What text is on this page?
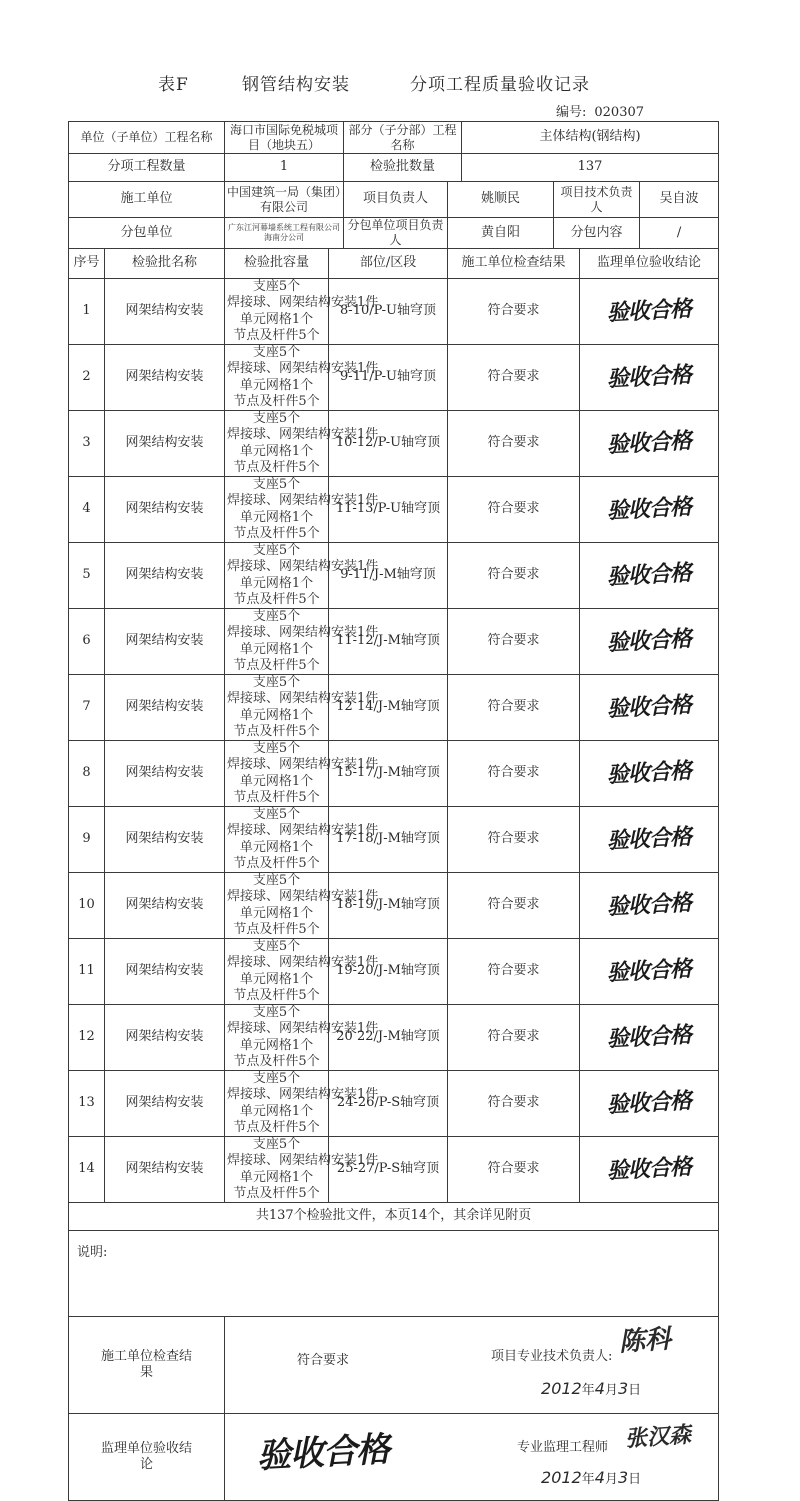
表F	钢管结构安装	分项工程质量验收记录
编号: 020307
单位（子单位）工程名称		海口市国际免税城项目（地块五）		部分（子分部）工程名称		主体结构(钢结构)			
分项工程数量		1		检验批数量		137			
施工单位		中国建筑一局（集团）有限公司		项目负责人	姚顺民		项目技术负责人		吴自波
分包单位		广东江河幕墙系统工程有限公司 海南分公司		分包单位项目负责人	黄自阳		分包内容		/
序号	检验批名称	检验批容量	部位/区段		施工单位检查结果			监理单位验收结论	
1	网架结构安装	支座5个
焊接球、网架结构安装1件
单元网格1个
节点及杆件5个	8-10/P-U轴穹顶		符合要求			验收合格	
2	网架结构安装	支座5个
焊接球、网架结构安装1件
单元网格1个
节点及杆件5个	9-11/P-U轴穹顶		符合要求			验收合格	
3	网架结构安装	支座5个
焊接球、网架结构安装1件
单元网格1个
节点及杆件5个	10-12/P-U轴穹顶		符合要求			验收合格	
4	网架结构安装	支座5个
焊接球、网架结构安装1件
单元网格1个
节点及杆件5个	11-13/P-U轴穹顶		符合要求			验收合格	
5	网架结构安装	支座5个
焊接球、网架结构安装1件
单元网格1个
节点及杆件5个	9-11/J-M轴穹顶		符合要求			验收合格	
6	网架结构安装	支座5个
焊接球、网架结构安装1件
单元网格1个
节点及杆件5个	11-12/J-M轴穹顶		符合要求			验收合格	
7	网架结构安装	支座5个
焊接球、网架结构安装1件
单元网格1个
节点及杆件5个	12 14/J-M轴穹顶		符合要求			验收合格	
8	网架结构安装	支座5个
焊接球、网架结构安装1件
单元网格1个
节点及杆件5个	15-17/J-M轴穹顶		符合要求			验收合格	
9	网架结构安装	支座5个
焊接球、网架结构安装1件
单元网格1个
节点及杆件5个	17-18/J-M轴穹顶		符合要求			验收合格	
10	网架结构安装	支座5个
焊接球、网架结构安装1件
单元网格1个
节点及杆件5个	18-19/J-M轴穹顶		符合要求			验收合格	
11	网架结构安装	支座5个
焊接球、网架结构安装1件
单元网格1个
节点及杆件5个	19-20/J-M轴穹顶		符合要求			验收合格	
12	网架结构安装	支座5个
焊接球、网架结构安装1件
单元网格1个
节点及杆件5个	20 22/J-M轴穹顶		符合要求			验收合格	
13	网架结构安装	支座5个
焊接球、网架结构安装1件
单元网格1个
节点及杆件5个	24-26/P-S轴穹顶		符合要求			验收合格	
14	网架结构安装	支座5个
焊接球、网架结构安装1件
单元网格1个
节点及杆件5个	25-27/P-S轴穹顶		符合要求			验收合格	
共137个检验批文件，本页14个，其余详见附页									
说明:									
施工单位检查结果		符合要求 项目专业技术负责人: 陈科
2012年4月3日							

监理单位验收结论		验收合格 专业监理工程师 张汉森
2012年4月3日							
